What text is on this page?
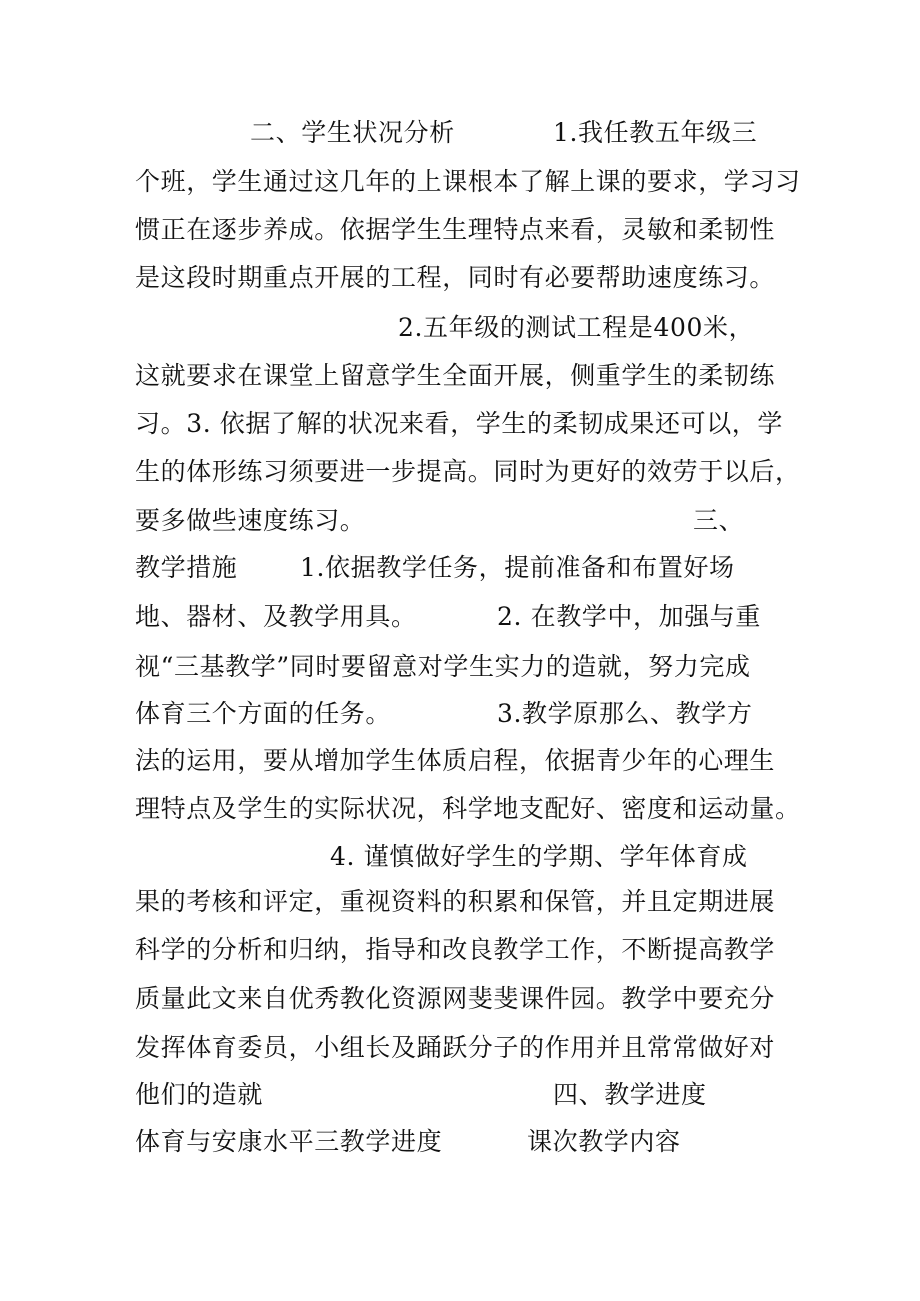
二、学生状况分析	1.我任教五年级三
个班，学生通过这几年的上课根本了解上课的要求，学习习
惯正在逐步养成。依据学生生理特点来看，灵敏和柔韧性
是这段时期重点开展的工程，同时有必要帮助速度练习。
2.五年级的测试工程是400米，
这就要求在课堂上留意学生全面开展，侧重学生的柔韧练
习。3. 依据了解的状况来看，学生的柔韧成果还可以，学
生的体形练习须要进一步提高。同时为更好的效劳于以后，
要多做些速度练习。	三、
教学措施	1.依据教学任务，提前准备和布置好场
地、器材、及教学用具。	2. 在教学中，加强与重
视“三基教学”同时要留意对学生实力的造就，努力完成
体育三个方面的任务。	3.教学原那么、教学方
法的运用，要从增加学生体质启程，依据青少年的心理生
理特点及学生的实际状况，科学地支配好、密度和运动量。
4. 谨慎做好学生的学期、学年体育成
果的考核和评定，重视资料的积累和保管，并且定期进展
科学的分析和归纳，指导和改良教学工作，不断提高教学
质量此文来自优秀教化资源网斐斐课件园。教学中要充分
发挥体育委员，小组长及踊跃分子的作用并且常常做好对
他们的造就	四、教学进度
体育与安康水平三教学进度	课次教学内容
